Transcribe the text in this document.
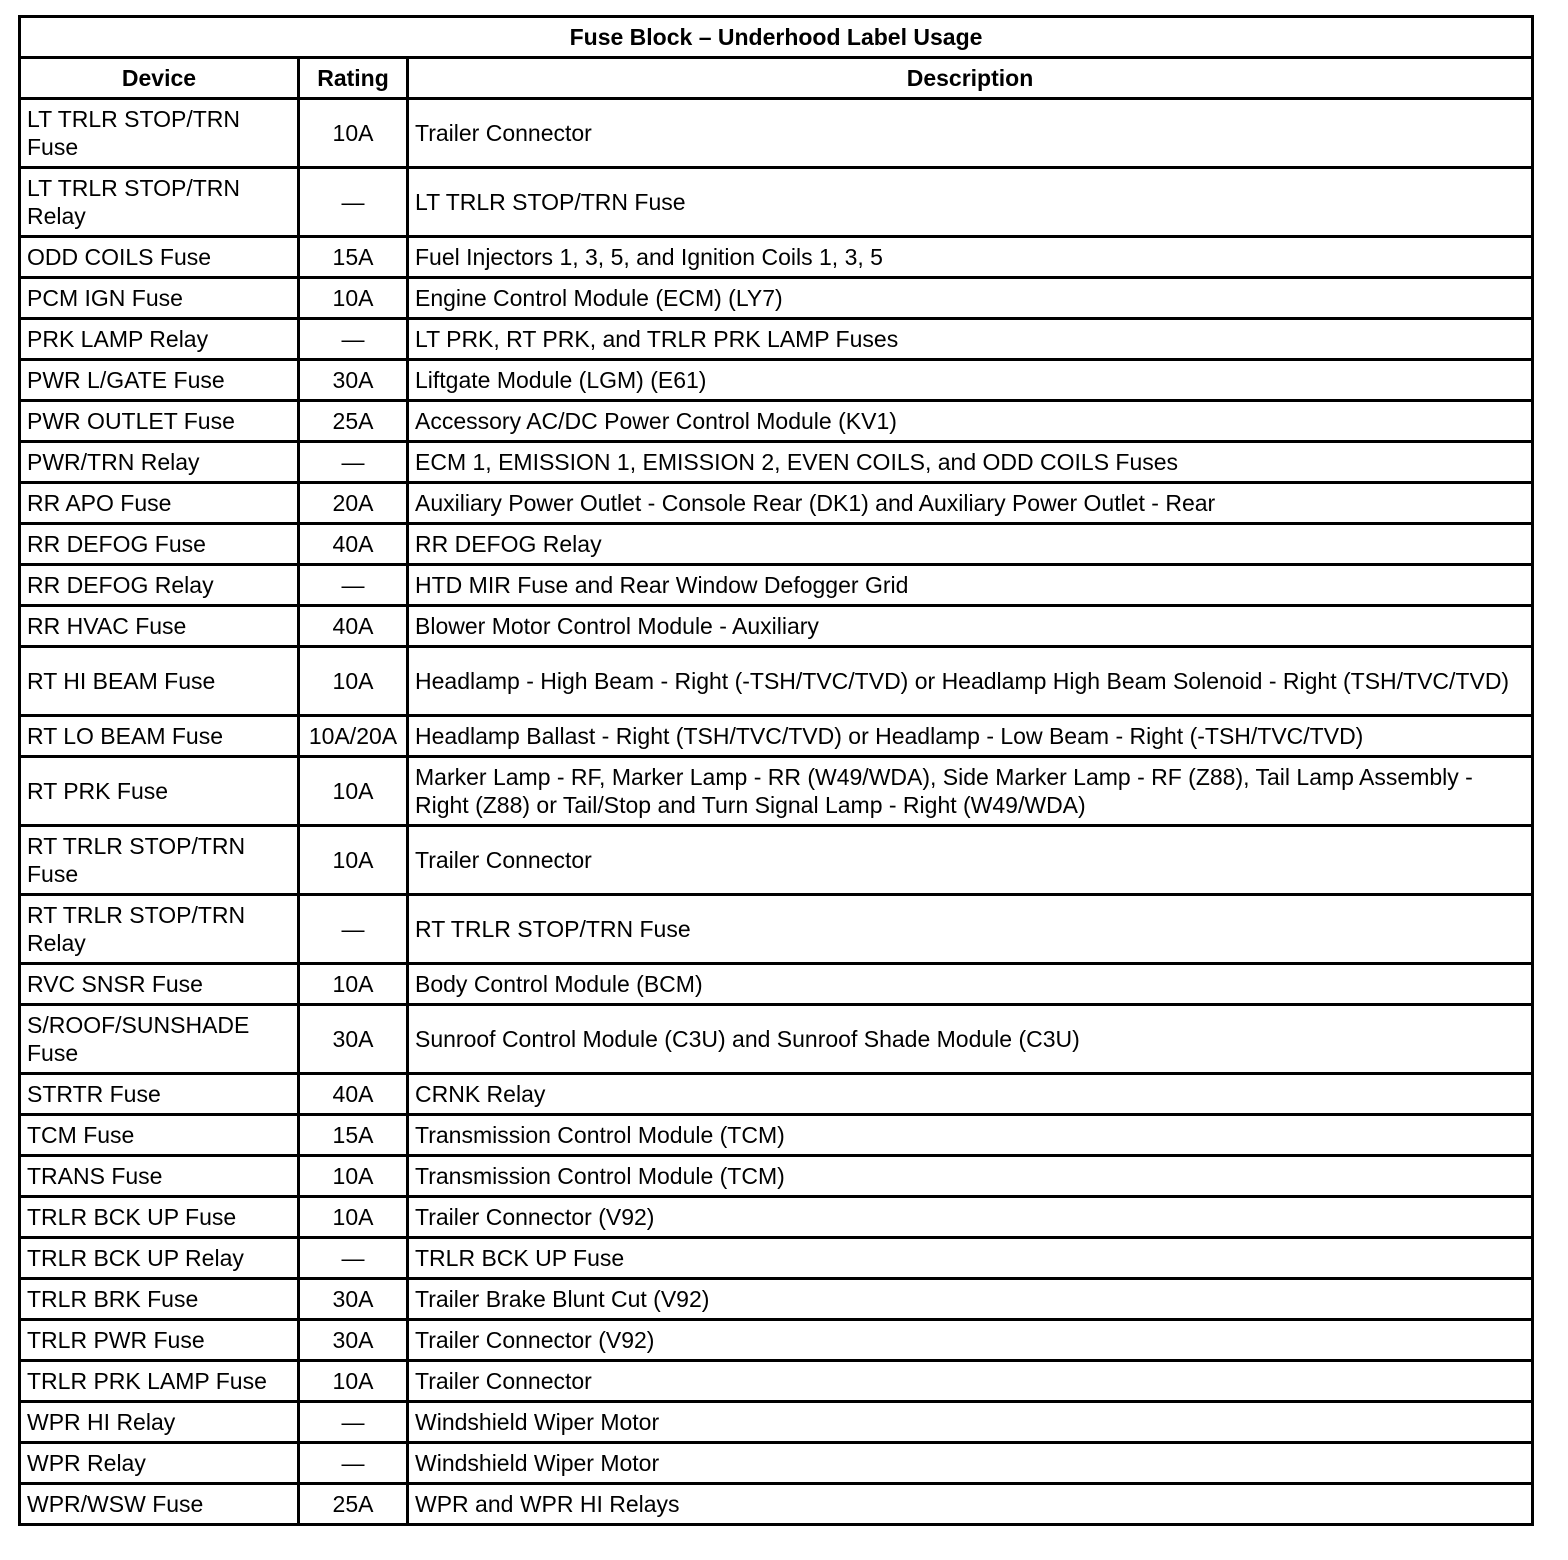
Fuse Block – Underhood Label Usage		
Device	Rating	Description
LT TRLR STOP/TRN Fuse	10A	Trailer Connector
LT TRLR STOP/TRN Relay	—	LT TRLR STOP/TRN Fuse
ODD COILS Fuse	15A	Fuel Injectors 1, 3, 5, and Ignition Coils 1, 3, 5
PCM IGN Fuse	10A	Engine Control Module (ECM) (LY7)
PRK LAMP Relay	—	LT PRK, RT PRK, and TRLR PRK LAMP Fuses
PWR L/GATE Fuse	30A	Liftgate Module (LGM) (E61)
PWR OUTLET Fuse	25A	Accessory AC/DC Power Control Module (KV1)
PWR/TRN Relay	—	ECM 1, EMISSION 1, EMISSION 2, EVEN COILS, and ODD COILS Fuses
RR APO Fuse	20A	Auxiliary Power Outlet - Console Rear (DK1) and Auxiliary Power Outlet - Rear
RR DEFOG Fuse	40A	RR DEFOG Relay
RR DEFOG Relay	—	HTD MIR Fuse and Rear Window Defogger Grid
RR HVAC Fuse	40A	Blower Motor Control Module - Auxiliary
RT HI BEAM Fuse	10A	Headlamp - High Beam - Right (-TSH/TVC/TVD) or Headlamp High Beam Solenoid - Right (TSH/TVC/TVD)
RT LO BEAM Fuse	10A/20A	Headlamp Ballast - Right (TSH/TVC/TVD) or Headlamp - Low Beam - Right (-TSH/TVC/TVD)
RT PRK Fuse	10A	Marker Lamp - RF, Marker Lamp - RR (W49/WDA), Side Marker Lamp - RF (Z88), Tail Lamp Assembly - Right (Z88) or Tail/Stop and Turn Signal Lamp - Right (W49/WDA)
RT TRLR STOP/TRN Fuse	10A	Trailer Connector
RT TRLR STOP/TRN Relay	—	RT TRLR STOP/TRN Fuse
RVC SNSR Fuse	10A	Body Control Module (BCM)
S/ROOF/SUNSHADE Fuse	30A	Sunroof Control Module (C3U) and Sunroof Shade Module (C3U)
STRTR Fuse	40A	CRNK Relay
TCM Fuse	15A	Transmission Control Module (TCM)
TRANS Fuse	10A	Transmission Control Module (TCM)
TRLR BCK UP Fuse	10A	Trailer Connector (V92)
TRLR BCK UP Relay	—	TRLR BCK UP Fuse
TRLR BRK Fuse	30A	Trailer Brake Blunt Cut (V92)
TRLR PWR Fuse	30A	Trailer Connector (V92)
TRLR PRK LAMP Fuse	10A	Trailer Connector
WPR HI Relay	—	Windshield Wiper Motor
WPR Relay	—	Windshield Wiper Motor
WPR/WSW Fuse	25A	WPR and WPR HI Relays
